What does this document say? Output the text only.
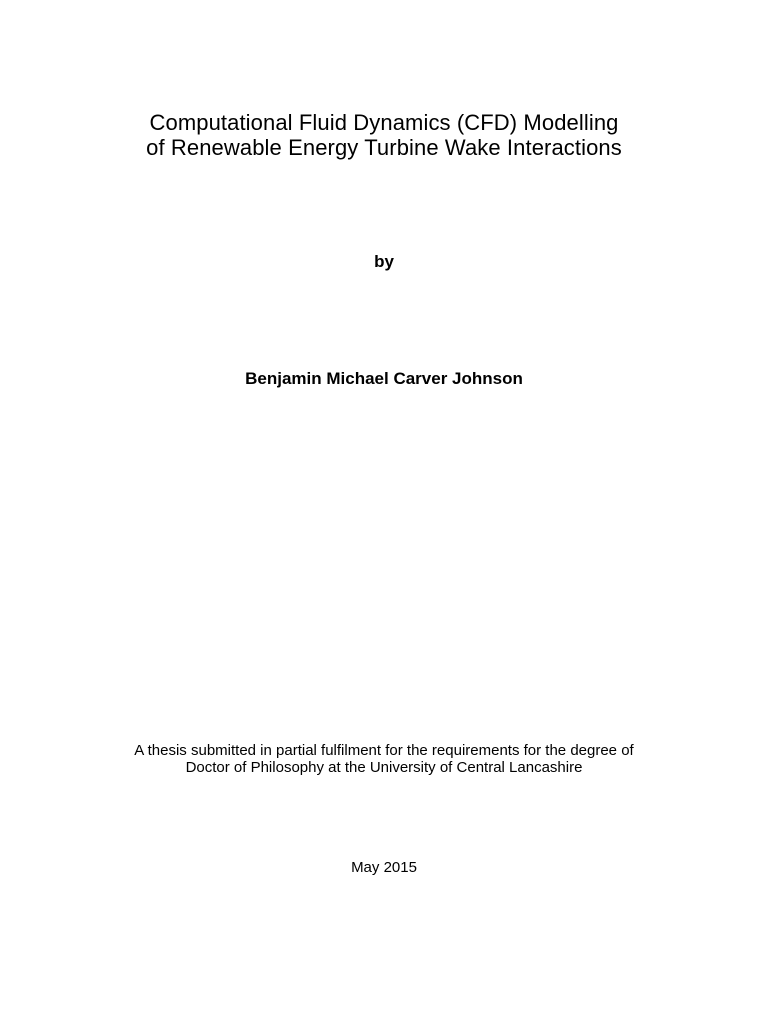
Computational Fluid Dynamics (CFD) Modelling
of Renewable Energy Turbine Wake Interactions
by
Benjamin Michael Carver Johnson
A thesis submitted in partial fulfilment for the requirements for the degree of
Doctor of Philosophy at the University of Central Lancashire
May 2015
